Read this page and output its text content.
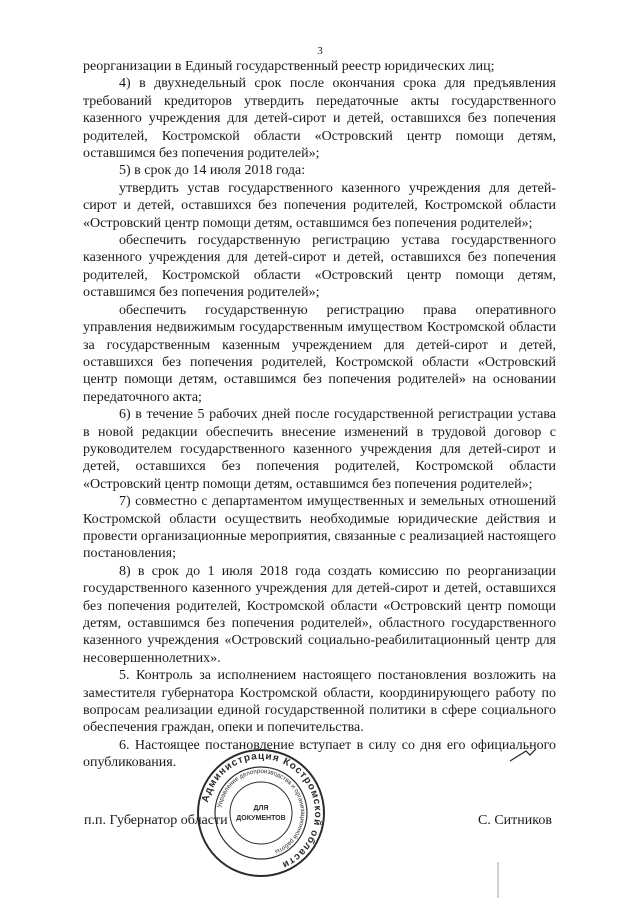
3

реорганизации в Единый государственный реестр юридических лиц;

4) в двухнедельный срок после окончания срока для предъявления требований кредиторов утвердить передаточные акты государственного казенного учреждения для детей-сирот и детей, оставшихся без попечения родителей, Костромской области «Островский центр помощи детям, оставшимся без попечения родителей»;

5) в срок до 14 июля 2018 года:

утвердить устав государственного казенного учреждения для детей-сирот и детей, оставшихся без попечения родителей, Костромской области «Островский центр помощи детям, оставшимся без попечения родителей»;

обеспечить государственную регистрацию устава государственного казенного учреждения для детей-сирот и детей, оставшихся без попечения родителей, Костромской области «Островский центр помощи детям, оставшимся без попечения родителей»;

обеспечить государственную регистрацию права оперативного управления недвижимым государственным имуществом Костромской области за государственным казенным учреждением для детей-сирот и детей, оставшихся без попечения родителей, Костромской области «Островский центр помощи детям, оставшимся без попечения родителей» на основании передаточного акта;

6) в течение 5 рабочих дней после государственной регистрации устава в новой редакции обеспечить внесение изменений в трудовой договор с руководителем государственного казенного учреждения для детей-сирот и детей, оставшихся без попечения родителей, Костромской области «Островский центр помощи детям, оставшимся без попечения родителей»;

7) совместно с департаментом имущественных и земельных отношений Костромской области осуществить необходимые юридические действия и провести организационные мероприятия, связанные с реализацией настоящего постановления;

8) в срок до 1 июля 2018 года создать комиссию по реорганизации государственного казенного учреждения для детей-сирот и детей, оставшихся без попечения родителей, Костромской области «Островский центр помощи детям, оставшимся без попечения родителей», областного государственного казенного учреждения «Островский социально-реабилитационный центр для несовершеннолетних».

5. Контроль за исполнением настоящего постановления возложить на заместителя губернатора Костромской области, координирующего работу по вопросам реализации единой государственной политики в сфере социального обеспечения граждан, опеки и попечительства.

6. Настоящее постановление вступает в силу со дня его официального опубликования.

п.п. Губернатор области	С. Ситников
Администрация Костромской области
Управление делопроизводства и организационной работы
ДЛЯ
ДОКУМЕНТОВ
